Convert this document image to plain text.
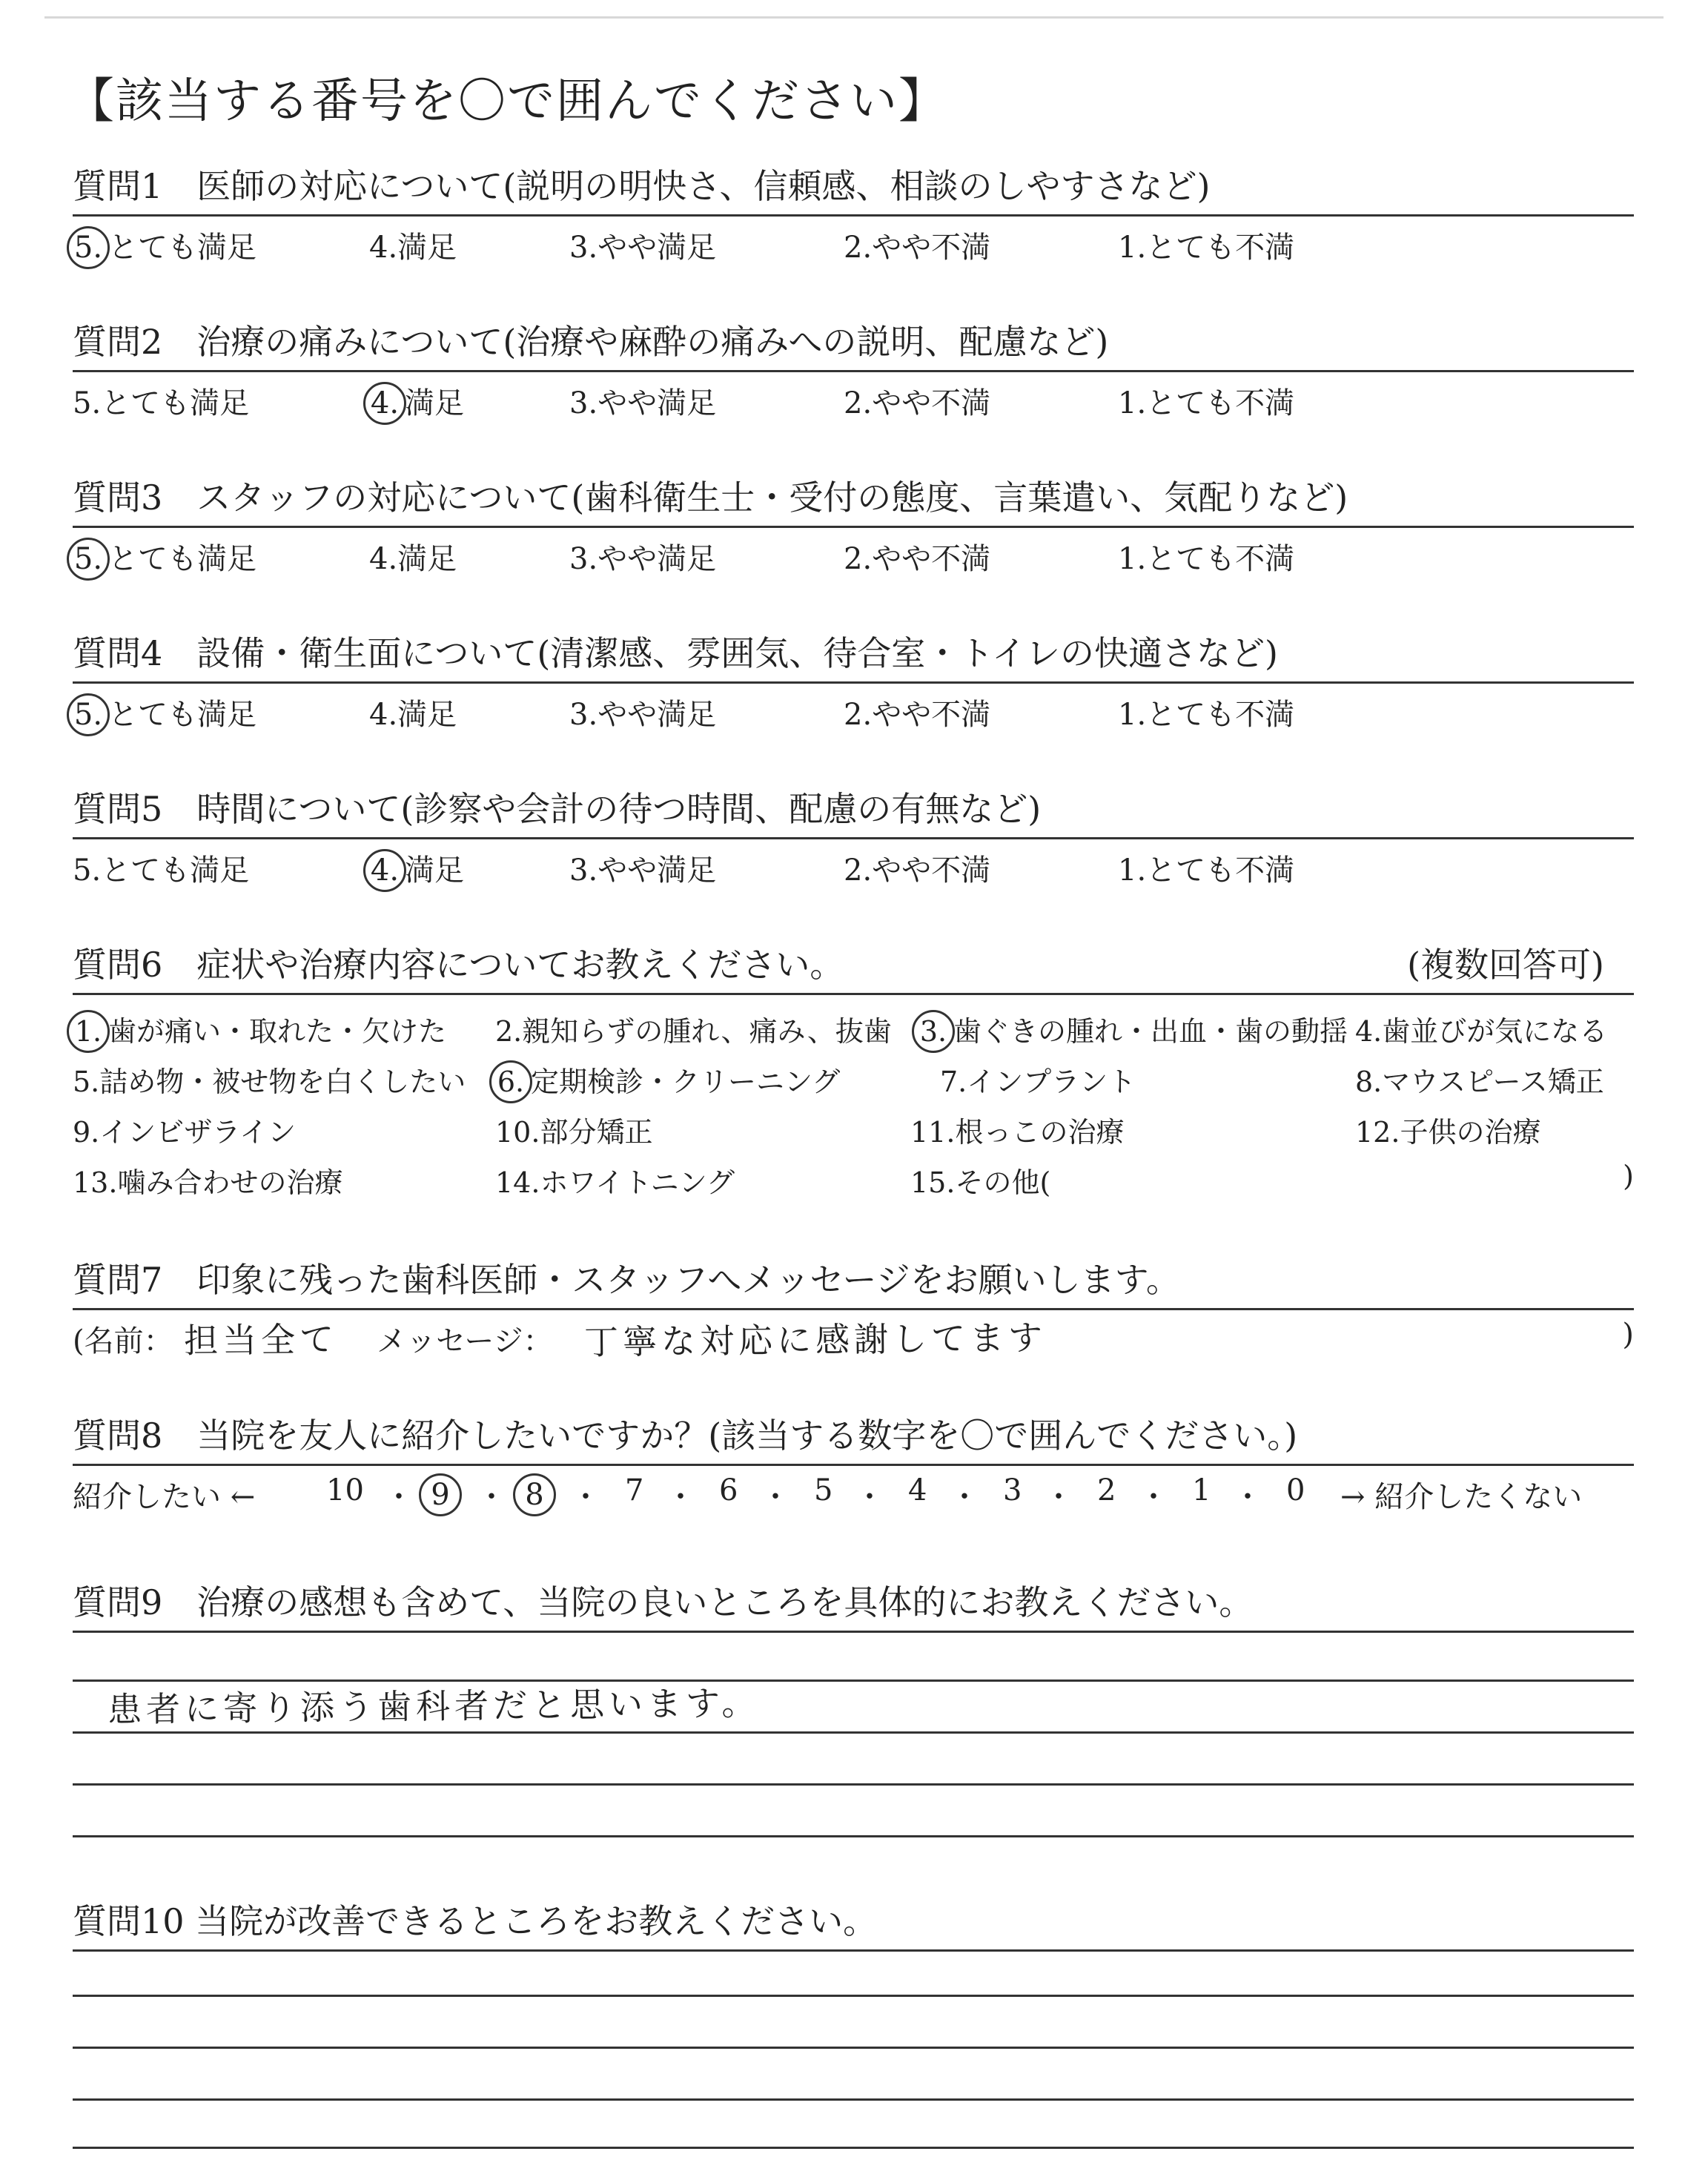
【該当する番号を〇で囲んでください】
質問1　医師の対応について(説明の明快さ、信頼感、相談のしやすさなど)
5. とても満足	4.満足	3.やや満足	2.やや不満	1.とても不満
質問2　治療の痛みについて(治療や麻酔の痛みへの説明、配慮など)
5.とても満足	4. 満足	3.やや満足	2.やや不満	1.とても不満
質問3　スタッフの対応について(歯科衛生士・受付の態度、言葉遣い、気配りなど)
5. とても満足	4.満足	3.やや満足	2.やや不満	1.とても不満
質問4　設備・衛生面について(清潔感、雰囲気、待合室・トイレの快適さなど)
5. とても満足	4.満足	3.やや満足	2.やや不満	1.とても不満
質問5　時間について(診察や会計の待つ時間、配慮の有無など)
5.とても満足	4. 満足	3.やや満足	2.やや不満	1.とても不満
質問6　症状や治療内容についてお教えください。	(複数回答可)
1. 歯が痛い・取れた・欠けた 2.親知らずの腫れ、痛み、抜歯 3. 歯ぐきの腫れ・出血・歯の動揺 4.歯並びが気になる
5.詰め物・被せ物を白くしたい 6. 定期検診・クリーニング	7.インプラント	8.マウスピース矯正
9.インビザライン	10.部分矯正	11.根っこの治療	12.子供の治療
13.噛み合わせの治療	14.ホワイトニング	15.その他(	)
質問7　印象に残った歯科医師・スタッフへメッセージをお願いします。
(名前： 担当全て メッセージ： 丁寧な対応に感謝してます	)
質問8　当院を友人に紹介したいですか？(該当する数字を〇で囲んでください。)
紹介したい ← 10 ・ 9 ・ 8 ・ 7 ・ 6 ・ 5 ・ 4 ・ 3 ・ 2 ・ 1 ・ 0 → 紹介したくない
質問9　治療の感想も含めて、当院の良いところを具体的にお教えください。
患者に寄り添う歯科者だと思います。
質問10 当院が改善できるところをお教えください。
